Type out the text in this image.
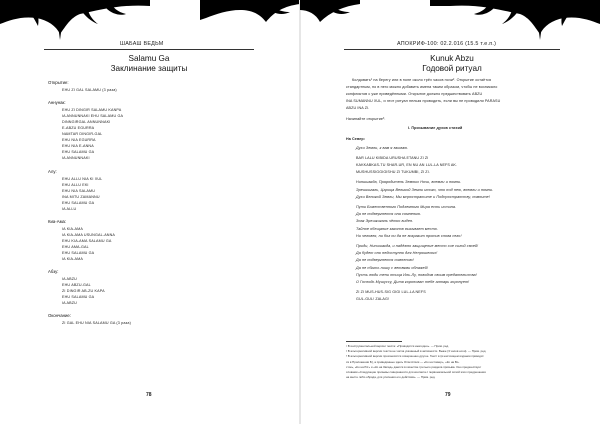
ШАБАШ ВЕДЬМ
Salamu Ga
Заклинание защиты
Открытие:
EHU ZI GAL SALAMU (3 раза)
Аннунак:
EHU ZI DINGIR SALAMU KANPA
IA ANNUNNAKI EHU SALAMU GA
DINNGIRGAL ANNUNNAKI
E-ABZU EGURRA
NAMTAR DINGIR-GAL
EHU NIA EGURRA
EHU NIA E-ANNA
EHU SALAMU GA
IA ANNUNNAKI
Алу:
EHU ALLU NIA KI XUL
EHU ALLU EKI
EHU NIA SALAMU
INA MITU ZAMANNU
EHU SALAMU GA
IA ALLU
Киа-Ама:
IA KIA-AMA
IA KIA-AMA USUNGAL-ANNA
EHU KIA-AMA SALAMU GA
EHU AMA-GAL
EHU SALAMU GA
IA KIA-AMA
Абзу:
IA ABZU
EHU ABZU-GAL
ZI DINGIR AB-ZU KAPA
EHU SALAMU GA
IA ABZU
Окончание:
ZI GAL EHU NIA SALAMU GA (3 раза)
78
АПОКРИФ-100: 02.2.016 (15.5 т.е.п.)
Kunuk Abzu
Годовой ритуал
Колдовать¹ на берегу или в поле около трёх часов ночи². Открытие остаётся
стандартным, но в него можно добавить имена таким образом, чтобы не возникало
конфликтов с уже приведёнными. Открытие должно предшествовать ABZU
INA SUMANNU XUL, и этот ритуал нельзя проводить, если вы не проводили PARASU
ABZU INA ZI.
Начинайте открытие³.
I. Призывание духов стихий
На Север:
Духи Земли, к вам я взываю.
BAR LALU KIBIDA URUSHA ETANU ZI ZI
KAKKABKAS-TU SHAR-UR, EN NU AN LUL-LA NEFS AK.
MUSHUSSIGGIGISHU ZI TUKUMBI, ZI ZI.
Ниншиакда, Прародитель Земных Ночи, внемли и помни.
Эрешкигаль, Царица Великой Земли итого, что под нею, внемли и помни.
Духи Великой Земли, Мы мпростратите и Подпространству, помните!
Пути Божественного Подземного Мира есть истина.
Да не подвергнется она сомнению.
Знак Эрешкигаль чётко виден.
Тайное обещание законов вызывает место.
Ни человек, ни бог ни да не возразит против слова сего!
Приди, Ниншиакда, и надёжно защищение место сие силой своей!
Да будет оно недоступно для Непрошеных!
Да не подвергнется сомнению!
Да не сбыть пишу с ветвями обнажей!
Пусть люди тени птица Иль-Лу, поводом своим предательства!
О Господь Мушуссу, Дитя коронован тебе алтарь коронует!
ZI ZI MUS-HUS-SIG GIGI LUL-LA NEFS
GUL-GUL! ZALAG!
¹ В инструментальной версии текста: «Проводится ежегодно». — Прим. ред.
² В альтернативной версии текста не числа указанный в активности. Выже (3 часов ночи). — Прим. ред.
³ В альтернативной версии произносится совершенно другое. Текст в (в настоящем издании приводят
ся в Приложении Б), а приведённые здесь Ответствия — «Ко на Север», «Ко на Во-
сток», «Ко на Юг» и «Ко на Запад» даются в качестве третьего раздела призыва. Оно предшествует
словами «Следующие призывы совершаются для контакта с первоначальной силой эпох предрешения
на месте либо обряда, для усиления его действия». — Прим. ред.
79
